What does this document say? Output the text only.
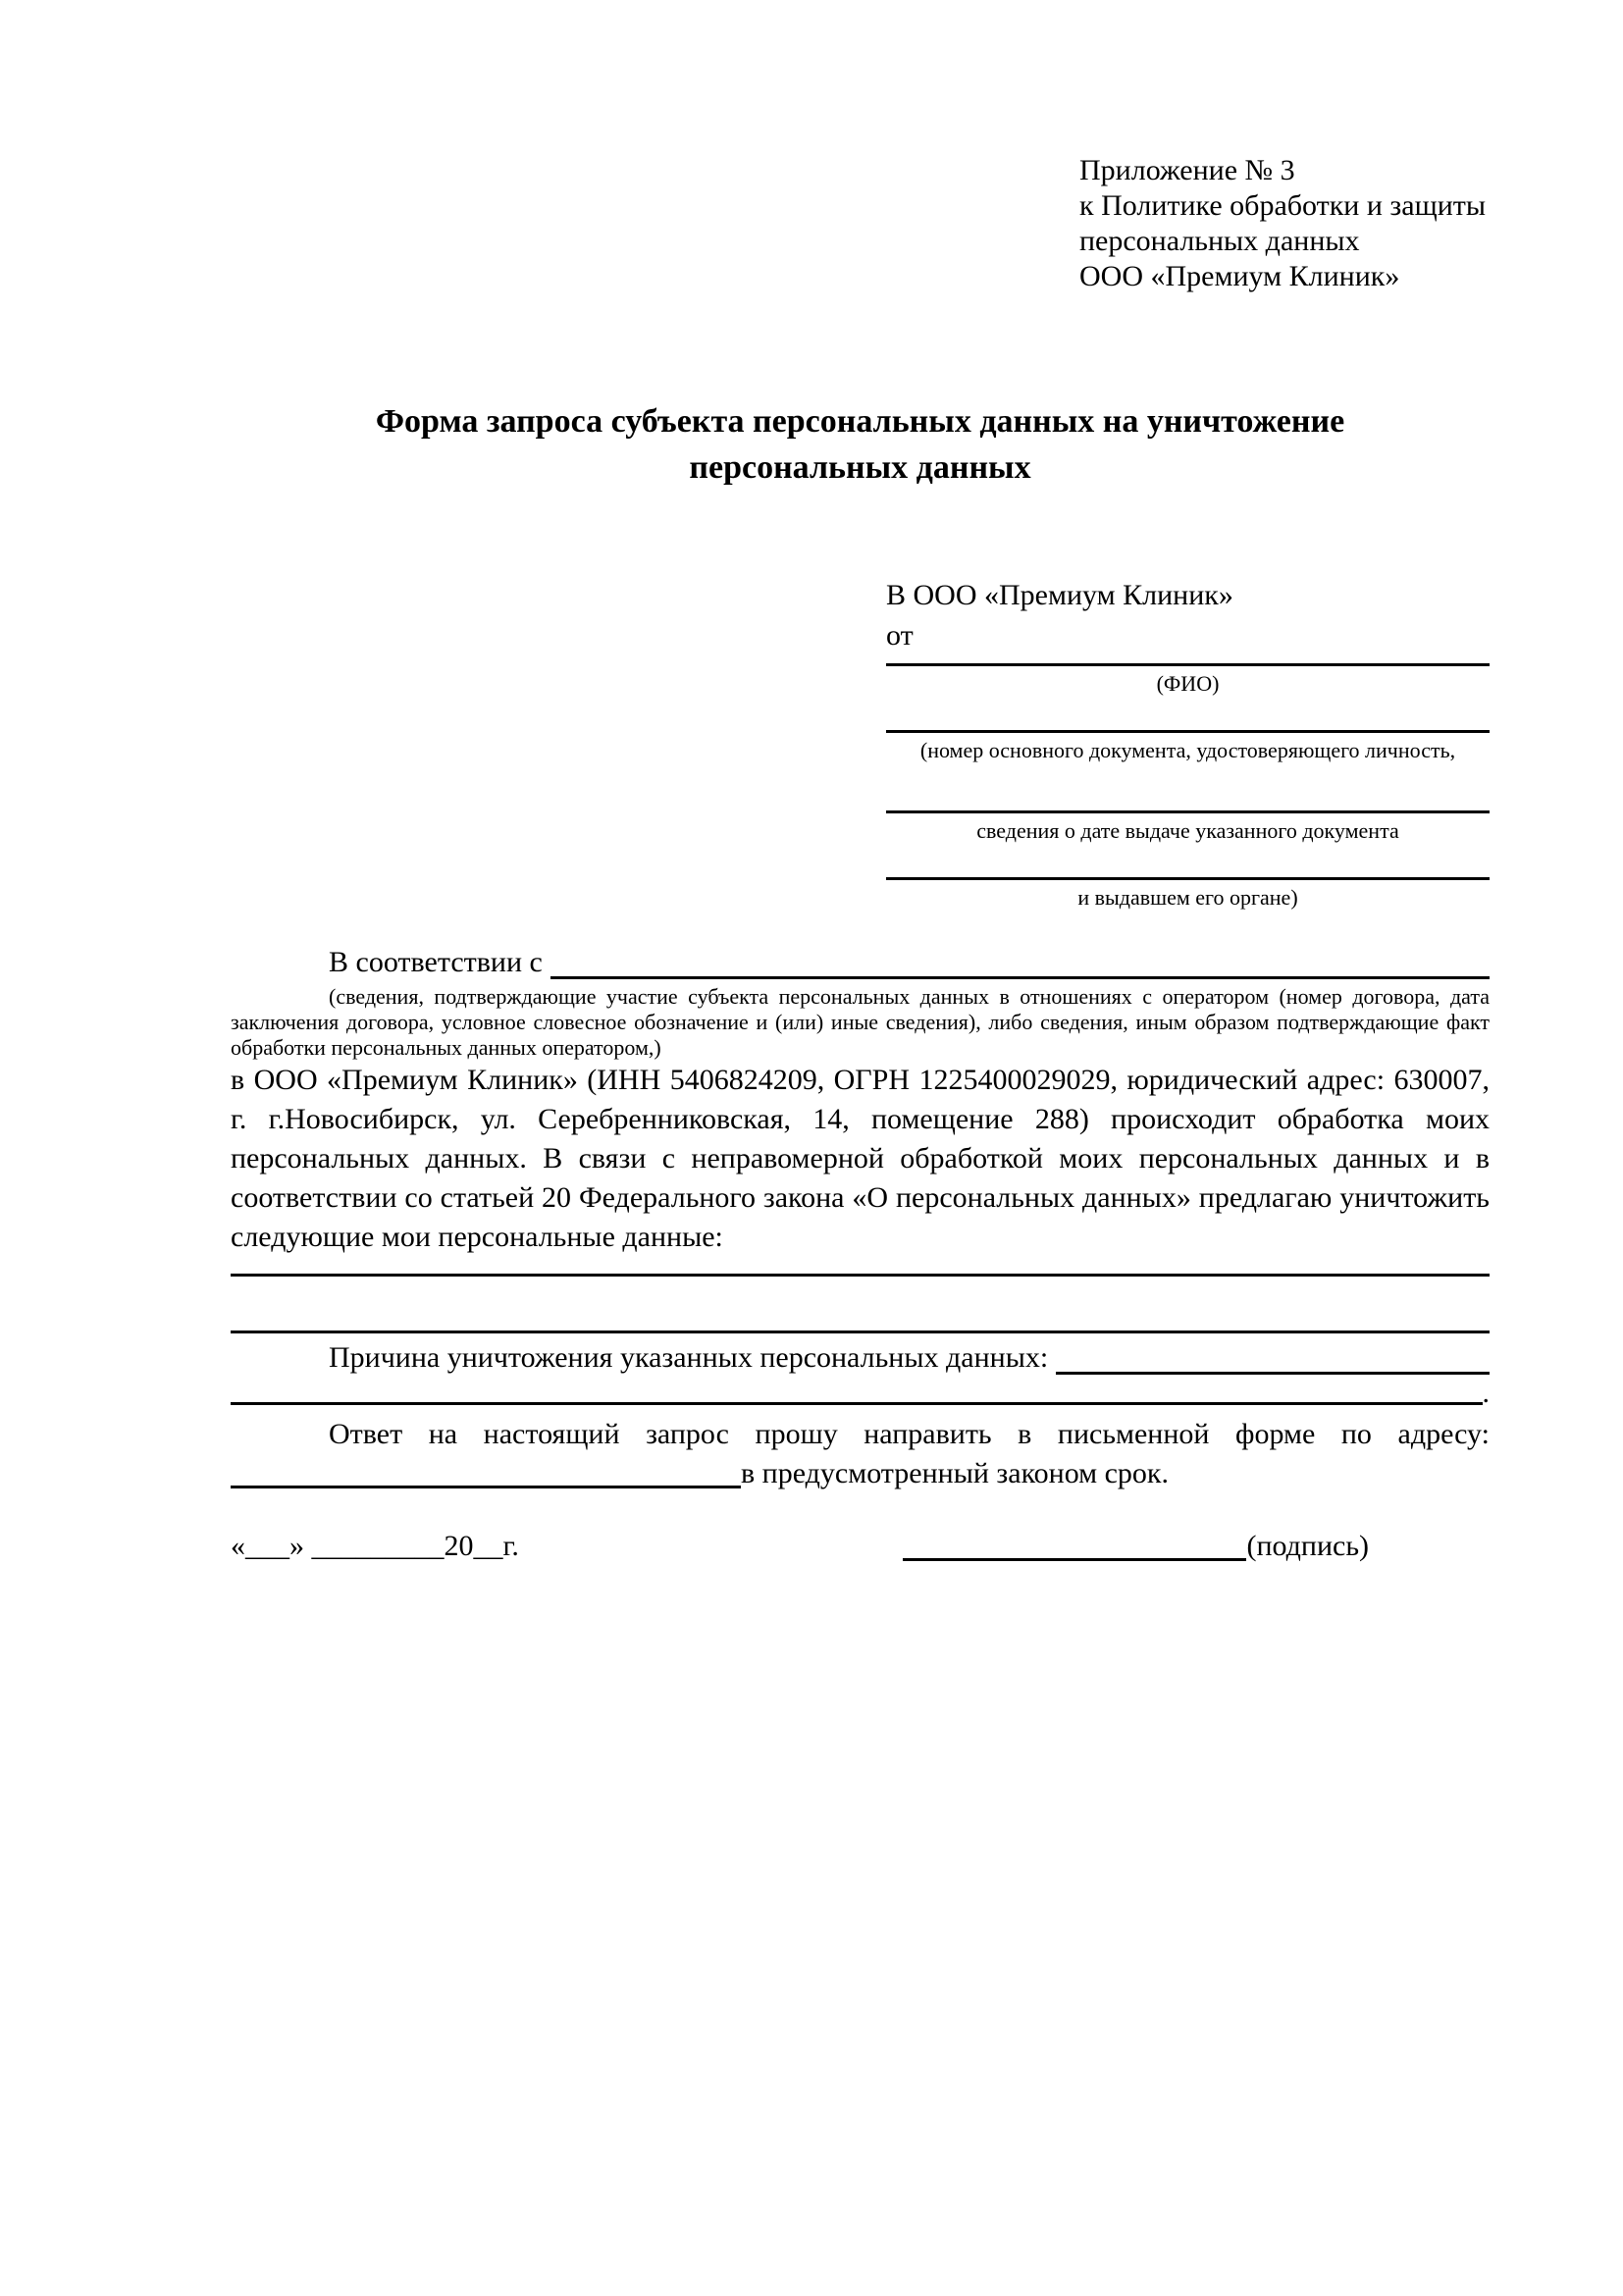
Приложение № 3
к Политике обработки и защиты
персональных данных
ООО «Премиум Клиник»
Форма запроса субъекта персональных данных на уничтожение
персональных данных
В ООО «Премиум Клиник»
от
(ФИО)
(номер основного документа, удостоверяющего личность,
сведения о дате выдаче указанного документа
и выдавшем его органе)
В соответствии с
(сведения, подтверждающие участие субъекта персональных данных в отношениях с оператором (номер договора, дата заключения договора, условное словесное обозначение и (или) иные сведения), либо сведения, иным образом подтверждающие факт обработки персональных данных оператором,)
в ООО «Премиум Клиник» (ИНН 5406824209, ОГРН 1225400029029, юридический адрес: 630007, г. г.Новосибирск, ул. Серебренниковская, 14, помещение 288) происходит обработка моих персональных данных. В связи с неправомерной обработкой моих персональных данных и в соответствии со статьей 20 Федерального закона «О персональных данных» предлагаю уничтожить следующие мои персональные данные:
Причина уничтожения указанных персональных данных:
.
Ответ на настоящий запрос прошу направить в письменной форме по адресу:
в предусмотренный законом срок.
«___» _________20__г.	(подпись)
